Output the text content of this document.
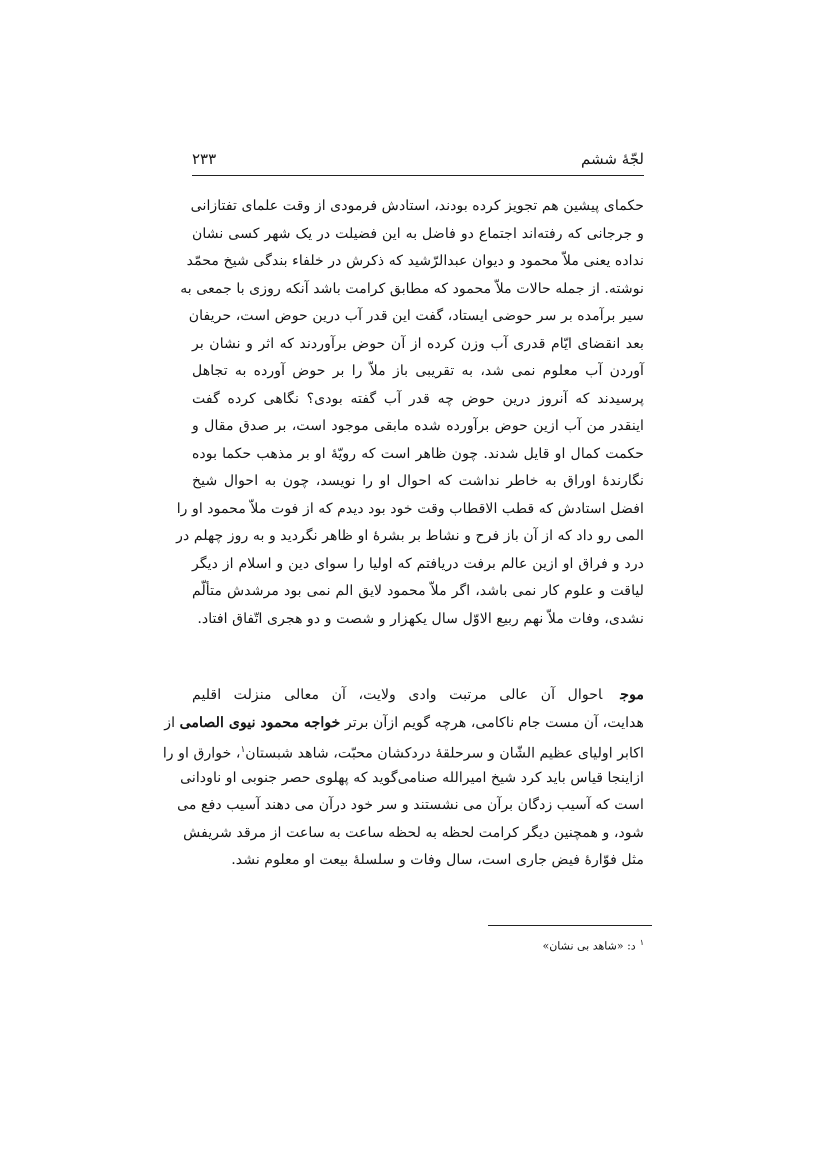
لجّۀ ششم
۲۳۳
حکمای پیشین هم تجویز کرده بودند، استادش فرمودی از وقت علمای تفتازانی
و جرجانی که رفته‌اند اجتماع دو فاضل به این فضیلت در یک شهر کسی نشان
نداده یعنی ملاّ محمود و دیوان عبدالرّشید که ذکرش در خلفاء بندگی شیخ محمّد
نوشته. از جمله حالات ملاّ محمود که مطابق کرامت باشد آنکه روزی با جمعی به
سیر برآمده بر سر حوضی ایستاد، گفت این قدر آب درین حوض است، حریفان
بعد انقضای ایّام قدری آب وزن کرده از آن حوض برآوردند که اثر و نشان بر
آوردن آب معلوم نمی شد، به تقریبی باز ملاّ را بر حوض آورده به تجاهل
پرسیدند که آنروز درین حوض چه قدر آب گفته بودی؟ نگاهی کرده گفت
اینقدر من آب ازین حوض برآورده شده مابقی موجود است، بر صدق مقال و
حکمت کمال او قایل شدند. چون ظاهر است که رویّۀ او بر مذهب حکما بوده
نگارندۀ اوراق به خاطر نداشت که احوال او را نویسد، چون به احوال شیخ
افضل استادش که قطب الاقطاب وقت خود بود دیدم که از فوت ملاّ محمود او را
المی رو داد که از آن باز فرح و نشاط بر بشرۀ او ظاهر نگردید و به روز چهلم در
درد و فراق او ازین عالم برفت دریافتم که اولیا را سوای دین و اسلام از دیگر
لیاقت و علوم کار نمی باشد، اگر ملاّ محمود لایق الم نمی بود مرشدش متألّم
نشدی، وفات ملاّ نهم ربیع الاوّل سال یکهزار و شصت و دو هجری اتّفاق افتاد.
موجاحوال آن عالی مرتبت وادی ولایت، آن معالی منزلت اقلیم
هدایت، آن مست جام ناکامی، هرچه گویم ازآن برتر خواجه محمود نیوی الصامی از
اکابر اولیای عظیم الشّان و سرحلقۀ دردکشان محبّت، شاهد شبستان$^۱$، خوارق او را
ازاینجا قیاس باید کرد شیخ امیرالله صنامی‌گوید که پهلوی حصر جنوبی او ناودانی
است که آسیب زدگان برآن می نشستند و سر خود درآن می دهند آسیب دفع می
شود، و همچنین دیگر کرامت لحظه به لحظه ساعت به ساعت از مرقد شریفش
مثل فوّارۀ فیض جاری است، سال وفات و سلسلۀ بیعت او معلوم نشد.
$^۱$د: «شاهد بی نشان»
